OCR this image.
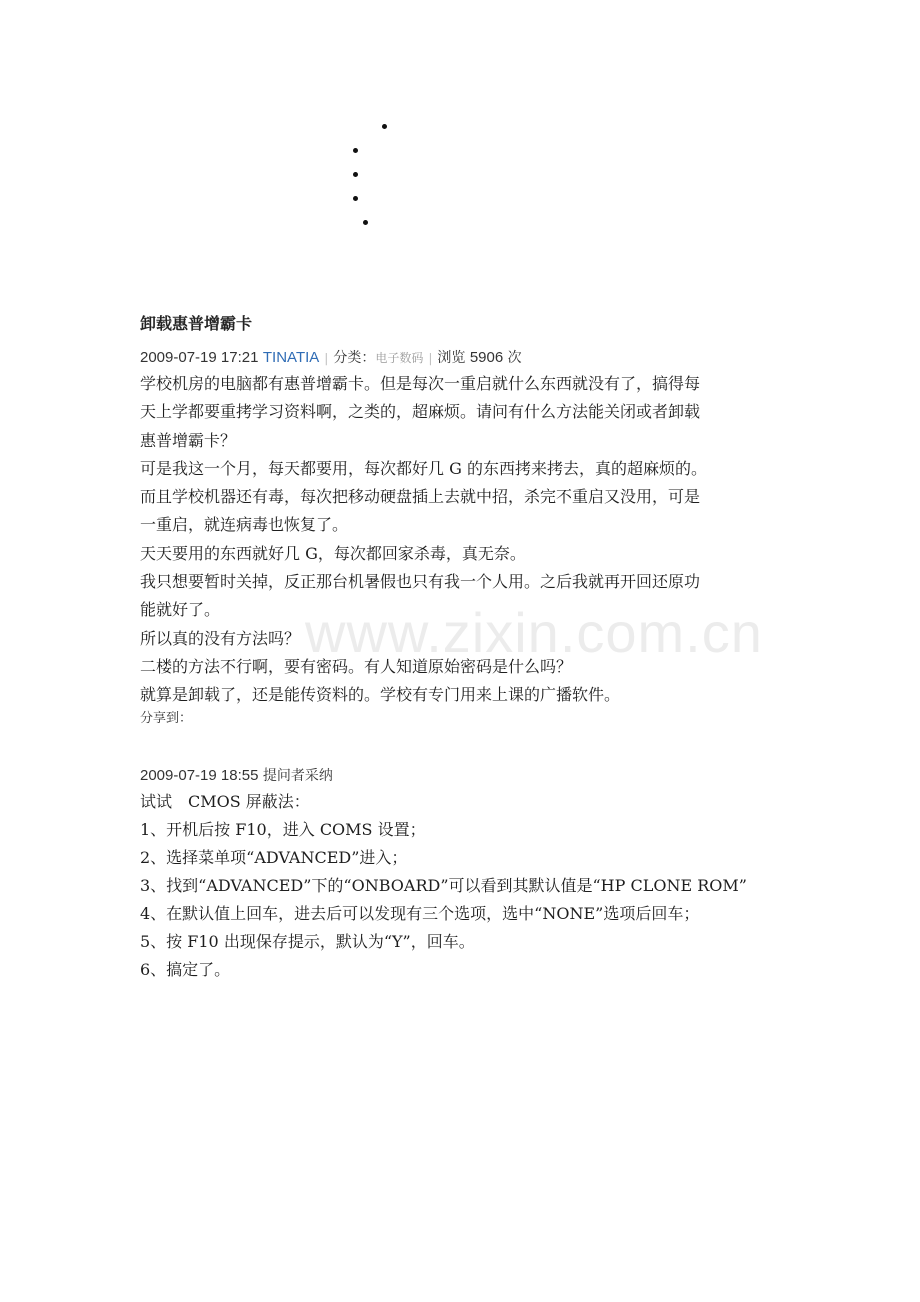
www.zixin.com.cn
卸载惠普增霸卡
2009-07-19 17:21 TINATIA | 分类：电子数码 | 浏览 5906 次
学校机房的电脑都有惠普增霸卡。但是每次一重启就什么东西就没有了，搞得每
天上学都要重拷学习资料啊，之类的，超麻烦。请问有什么方法能关闭或者卸载
惠普增霸卡？
可是我这一个月，每天都要用，每次都好几 G 的东西拷来拷去，真的超麻烦的。
而且学校机器还有毒，每次把移动硬盘插上去就中招，杀完不重启又没用，可是
一重启，就连病毒也恢复了。
天天要用的东西就好几 G，每次都回家杀毒，真无奈。
我只想要暂时关掉，反正那台机暑假也只有我一个人用。之后我就再开回还原功
能就好了。
所以真的没有方法吗？
二楼的方法不行啊，要有密码。有人知道原始密码是什么吗？
就算是卸载了，还是能传资料的。学校有专门用来上课的广播软件。
分享到：
2009-07-19 18:55 提问者采纳
试试　CMOS 屏蔽法：
1、开机后按 F10，进入 COMS 设置；
2、选择菜单项“ADVANCED”进入；
3、找到“ADVANCED”下的“ONBOARD”可以看到其默认值是“HP CLONE ROM”
4、在默认值上回车，进去后可以发现有三个选项，选中“NONE”选项后回车；
5、按 F10 出现保存提示，默认为“Y”，回车。
6、搞定了。
